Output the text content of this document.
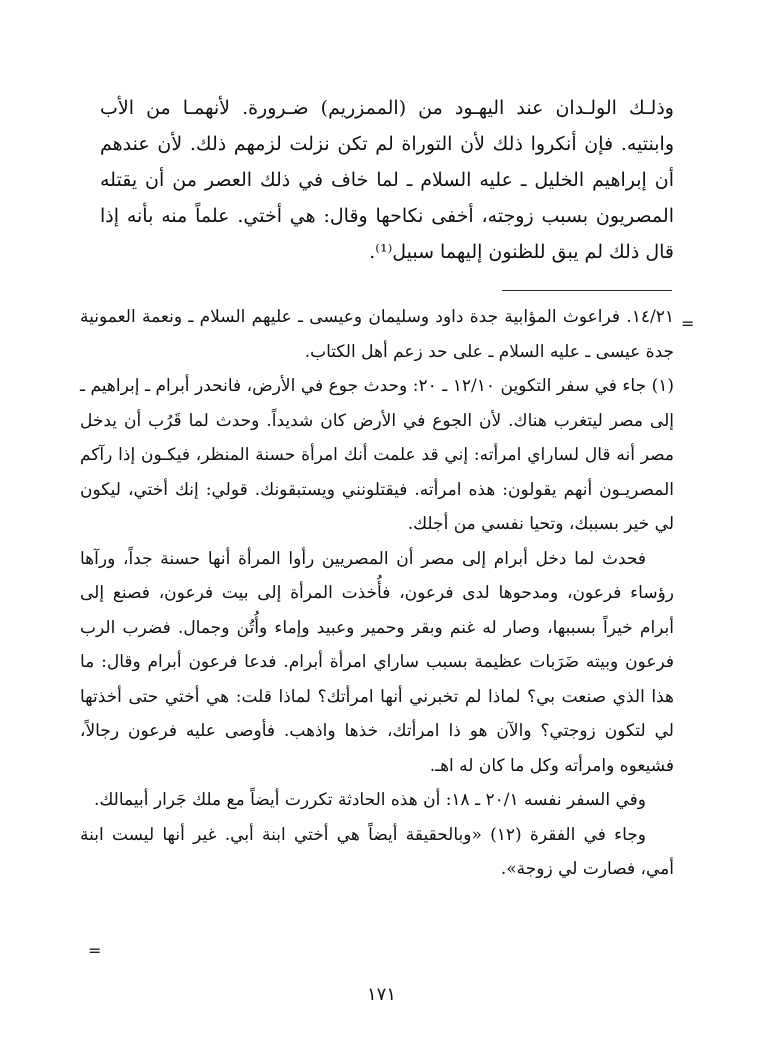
وذلـك الولـدان عند اليهـود من (الممزريم) ضـرورة. لأنهمـا من الأب وابنتيه. فإن أنكروا ذلك لأن التوراة لم تكن نزلت لزمهم ذلك. لأن عندهم أن إبراهيم الخليل ـ عليه السلام ـ لما خاف في ذلك العصر من أن يقتله المصريون بسبب زوجته، أخفى نكاحها وقال: هي أختي. علماً منه بأنه إذا قال ذلك لم يبق للظنون إليهما سبيل⁽¹⁾.

=

١٤/٢١. فراعوث المؤابية جدة داود وسليمان وعيسى ـ عليهم السلام ـ ونعمة العمونية جدة عيسى ـ عليه السلام ـ على حد زعم أهل الكتاب.

(١) جاء في سفر التكوين ١٢/١٠ ـ ٢٠: وحدث جوع في الأرض، فانحدر أبرام ـ إبراهيم ـ إلى مصر ليتغرب هناك. لأن الجوع في الأرض كان شديداً. وحدث لما قَرُب أن يدخل مصر أنه قال لساراي امرأته: إني قد علمت أنك امرأة حسنة المنظر، فيكـون إذا رآكم المصريـون أنهم يقولون: هذه امرأته. فيقتلونني ويستبقونك. قولي: إنك أختي، ليكون لي خير بسببك، وتحيا نفسي من أجلك.

فحدث لما دخل أبرام إلى مصر أن المصريين رأوا المرأة أنها حسنة جداً، ورآها رؤساء فرعون، ومدحوها لدى فرعون، فأُخذت المرأة إلى بيت فرعون، فصنع إلى أبرام خيراً بسببها، وصار له غنم وبقر وحمير وعبيد وإماء وأُتُن وجمال. فضرب الرب فرعون وبيته ضَرَبات عظيمة بسبب ساراي امرأة أبرام. فدعا فرعون أبرام وقال: ما هذا الذي صنعت بي؟ لماذا لم تخبرني أنها امرأتك؟ لماذا قلت: هي أختي حتى أخذتها لي لتكون زوجتي؟ والآن هو ذا امرأتك، خذها واذهب. فأوصى عليه فرعون رجالاً، فشيعوه وامرأته وكل ما كان له اهـ.

وفي السفر نفسه ٢٠/١ ـ ١٨: أن هذه الحادثة تكررت أيضاً مع ملك جَرار أبيمالك.

وجاء في الفقرة (١٢) «وبالحقيقة أيضاً هي أختي ابنة أبي. غير أنها ليست ابنة أمي، فصارت لي زوجة».

=
١٧١
